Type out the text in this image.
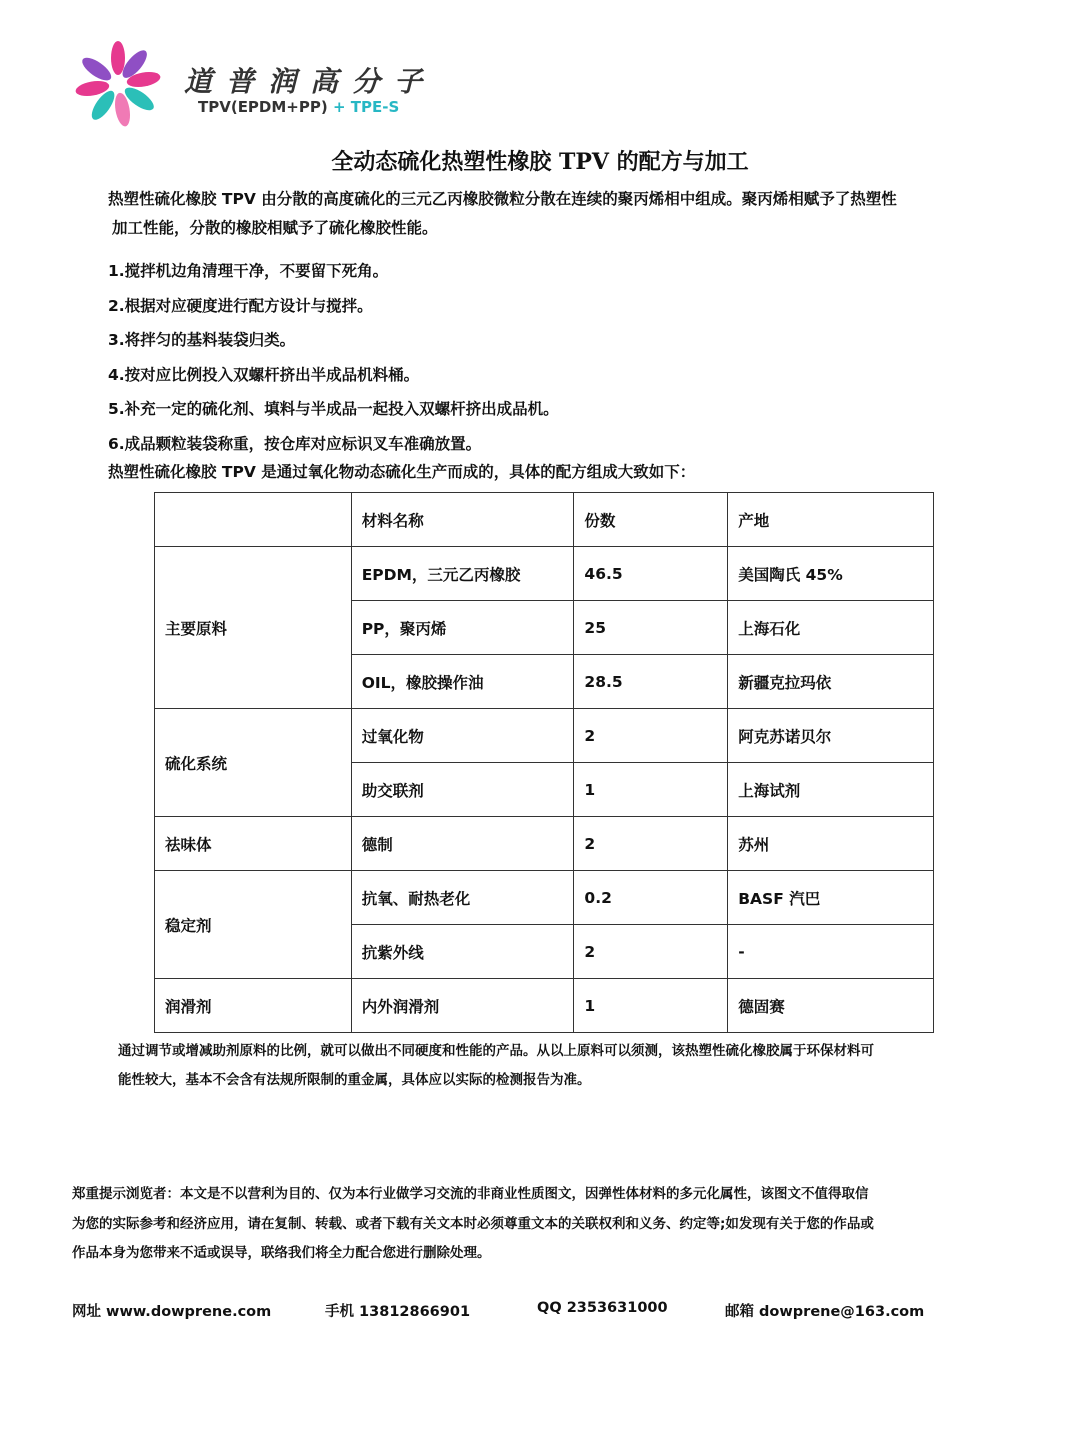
道普润高分子
TPV(EPDM+PP) + TPE-S
全动态硫化热塑性橡胶 TPV 的配方与加工

热塑性硫化橡胶 TPV 由分散的高度硫化的三元乙丙橡胶微粒分散在连续的聚丙烯相中组成。聚丙烯相赋予了热塑性

加工性能，分散的橡胶相赋予了硫化橡胶性能。

1.搅拌机边角清理干净，不要留下死角。
2.根据对应硬度进行配方设计与搅拌。
3.将拌匀的基料装袋归类。
4.按对应比例投入双螺杆挤出半成品机料桶。
5.补充一定的硫化剂、填料与半成品一起投入双螺杆挤出成品机。
6.成品颗粒装袋称重，按仓库对应标识叉车准确放置。
热塑性硫化橡胶 TPV 是通过氧化物动态硫化生产而成的，具体的配方组成大致如下：
	材料名称	份数	产地
主要原料	EPDM，三元乙丙橡胶	46.5	美国陶氏 45%
	PP，聚丙烯	25	上海石化
	OIL，橡胶操作油	28.5	新疆克拉玛依
硫化系统	过氧化物	2	阿克苏诺贝尔
	助交联剂	1	上海试剂
祛味体	德制	2	苏州
稳定剂	抗氧、耐热老化	0.2	BASF 汽巴
	抗紫外线	2	-
润滑剂	内外润滑剂	1	德固赛
通过调节或增减助剂原料的比例，就可以做出不同硬度和性能的产品。从以上原料可以须测，该热塑性硫化橡胶属于环保材料可
能性较大，基本不会含有法规所限制的重金属，具体应以实际的检测报告为准。
郑重提示浏览者：本文是不以营利为目的、仅为本行业做学习交流的非商业性质图文，因弹性体材料的多元化属性，该图文不值得取信
为您的实际参考和经济应用，请在复制、转载、或者下载有关文本时必须尊重文本的关联权利和义务、约定等;如发现有关于您的作品或
作品本身为您带来不适或误导，联络我们将全力配合您进行删除处理。
网址 www.dowprene.com	手机 13812866901	QQ 2353631000	邮箱 dowprene@163.com
